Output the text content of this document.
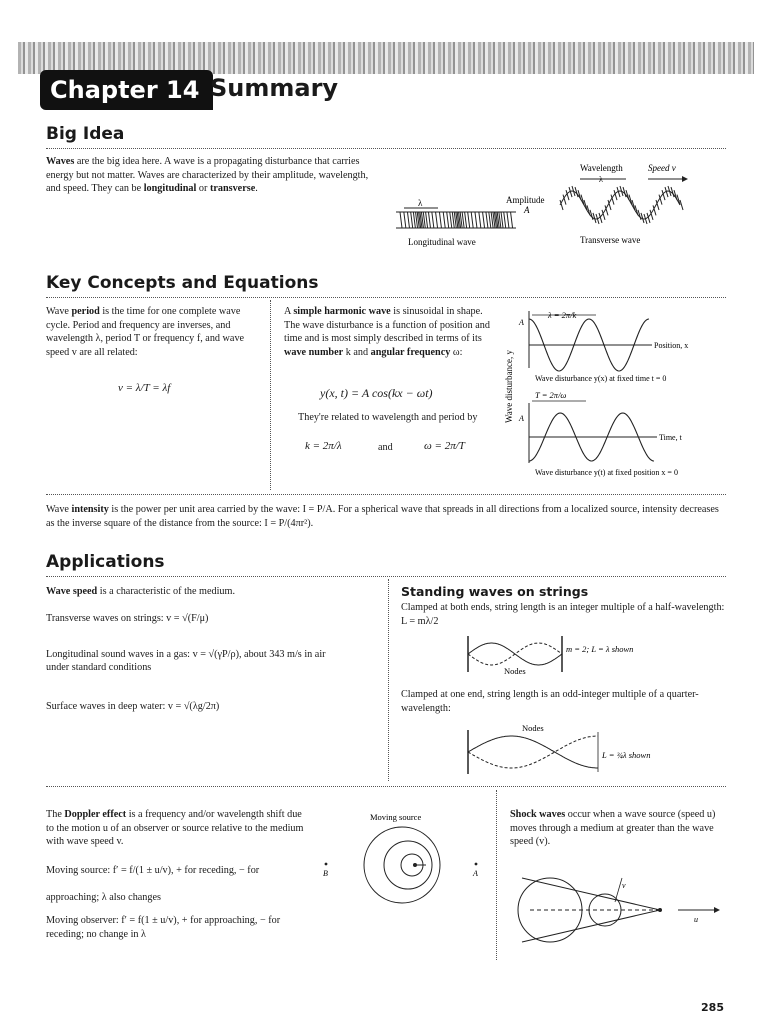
Chapter 14 Summary
Big Idea
Waves are the big idea here. A wave is a propagating disturbance that carries energy but not matter. Waves are characterized by their amplitude, wavelength, and speed. They can be longitudinal or transverse.
λ
Longitudinal wave
Wavelength	Speed v
λ
Amplitude
A
Transverse wave
Key Concepts and Equations
Wave period is the time for one complete wave cycle. Period and frequency are inverses, and wavelength λ, period T or frequency f, and wave speed v are all related:
v = λ/T = λf
A simple harmonic wave is sinusoidal in shape. The wave disturbance is a function of position and time and is most simply described in terms of its wave number k and angular frequency ω:
y(x, t) = A cos(kx − ωt)
They're related to wavelength and period by
k = 2π/λ	and	ω = 2π/T
Wave disturbance, y
A
A
λ = 2π/k
Position, x
Wave disturbance y(x) at fixed time t = 0
T = 2π/ω
Time, t
Wave disturbance y(t) at fixed position x = 0
Wave intensity is the power per unit area carried by the wave: I = P/A. For a spherical wave that spreads in all directions from a localized source, intensity decreases as the inverse square of the distance from the source: I = P/(4πr²).
Applications
Wave speed is a characteristic of the medium.
Transverse waves on strings: v = √(F/μ)
Longitudinal sound waves in a gas: v = √(γP/ρ), about 343 m/s in air
under standard conditions
Surface waves in deep water: v = √(λg/2π)
Standing waves on strings
Clamped at both ends, string length is an integer multiple of a half-wavelength: L = mλ/2
m = 2; L = λ shown
Nodes
Clamped at one end, string length is an odd-integer multiple of a quarter-wavelength:
Nodes
L = ¾λ shown
The Doppler effect is a frequency and/or wavelength shift due to the motion u of an observer or source relative to the medium with wave speed v.
Moving source: f′ = f/(1 ± u/v), + for receding, − for
approaching; λ also changes
Moving observer: f′ = f(1 ± u/v), + for approaching, − for receding; no change in λ
Moving source
B	A
Shock waves occur when a wave source (speed u) moves through a medium at greater than the wave speed (v).
v
u
285
